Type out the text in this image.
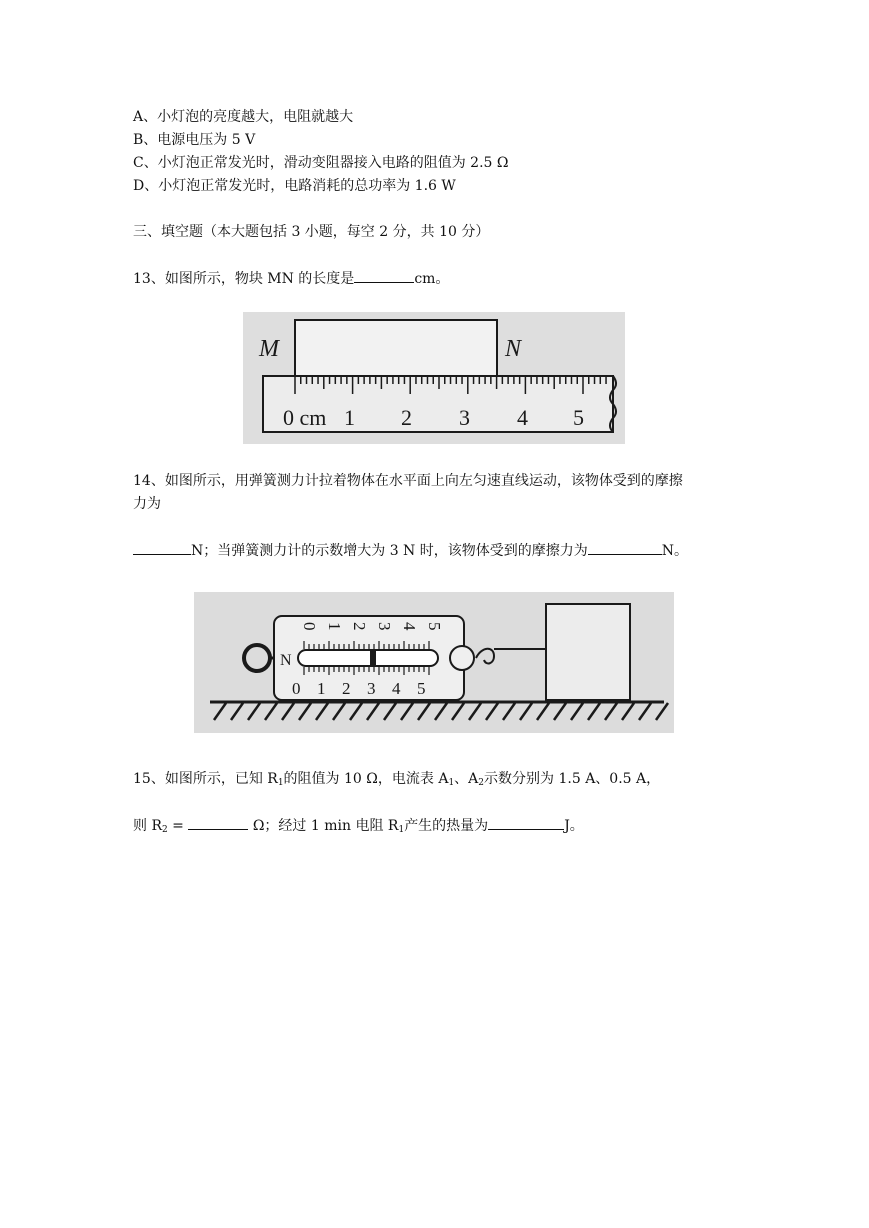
A、小灯泡的亮度越大，电阻就越大
B、电源电压为 5 V
C、小灯泡正常发光时，滑动变阻器接入电路的阻值为 2.5 Ω
D、小灯泡正常发光时，电路消耗的总功率为 1.6 W
三、填空题（本大题包括 3 小题，每空 2 分，共 10 分）
13、如图所示，物块 MN 的长度是	cm。
M	N
0 cm 1 2 3 4 5
14、如图所示，用弹簧测力计拉着物体在水平面上向左匀速直线运动，该物体受到的摩擦
力为
N；当弹簧测力计的示数增大为 3 N 时，该物体受到的摩擦力为	N。
N
0 1 2 3 4 5
0 1 2 3 4 5
15、如图所示，已知 $R_1$的阻值为 10 Ω，电流表 $A_1$、$A_2$示数分别为 1.5 A、0.5 A，
则 $R_2$ =	Ω；经过 1 min 电阻 $R_1$产生的热量为	J。
